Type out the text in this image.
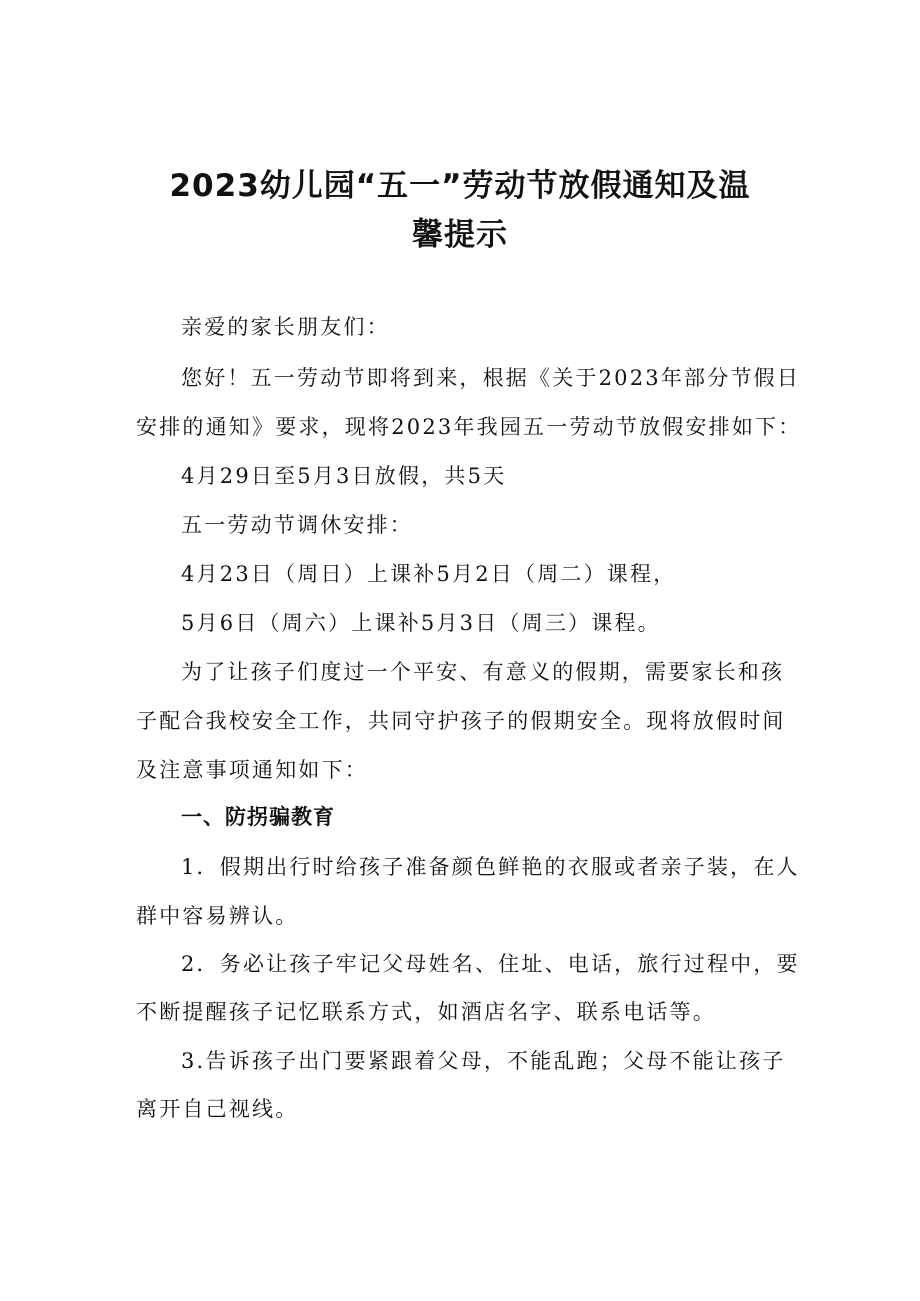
2023幼儿园“五一”劳动节放假通知及温
馨提示

亲爱的家长朋友们：

您好！五一劳动节即将到来，根据《关于2023年部分节假日

安排的通知》要求，现将2023年我园五一劳动节放假安排如下：

4月29日至5月3日放假，共5天

五一劳动节调休安排：

4月23日（周日）上课补5月2日（周二）课程，

5月6日（周六）上课补5月3日（周三）课程。

为了让孩子们度过一个平安、有意义的假期，需要家长和孩

子配合我校安全工作，共同守护孩子的假期安全。现将放假时间

及注意事项通知如下：

一、防拐骗教育

1．假期出行时给孩子准备颜色鲜艳的衣服或者亲子装，在人

群中容易辨认。

2．务必让孩子牢记父母姓名、住址、电话，旅行过程中，要

不断提醒孩子记忆联系方式，如酒店名字、联系电话等。

3.告诉孩子出门要紧跟着父母，不能乱跑；父母不能让孩子

离开自己视线。
